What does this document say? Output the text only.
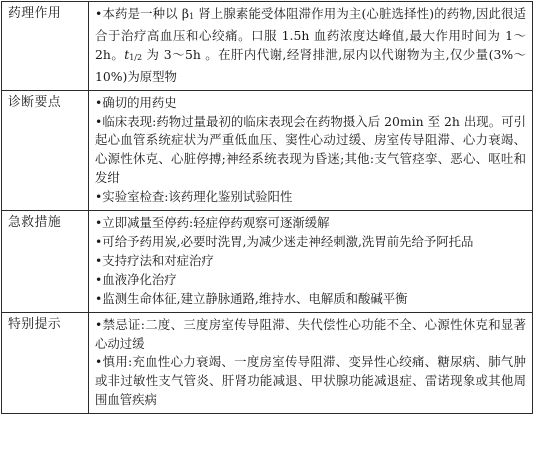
药理作用	•本药是一种以 β1 肾上腺素能受体阻滞作用为主(心脏选择性)的药物,因此很适合于治疗高血压和心绞痛。口服 1.5h 血药浓度达峰值,最大作用时间为 1～2h。t1/2 为 3～5h 。在肝内代谢,经肾排泄,尿内以代谢物为主,仅少量(3%～10%)为原型物

诊断要点	•确切的用药史

•临床表现:药物过量最初的临床表现会在药物摄入后 20min 至 2h 出现。可引起心血管系统症状为严重低血压、窦性心动过缓、房室传导阻滞、心力衰竭、心源性休克、心脏停搏;神经系统表现为昏迷;其他:支气管痉挛、恶心、呕吐和发绀

•实验室检查:该药理化鉴别试验阳性

急救措施	•立即减量至停药:轻症停药观察可逐渐缓解

•可给予药用炭,必要时洗胃,为减少迷走神经刺激,洗胃前先给予阿托品

•支持疗法和对症治疗

•血液净化治疗

•监测生命体征,建立静脉通路,维持水、电解质和酸碱平衡

特别提示	•禁忌证:二度、三度房室传导阻滞、失代偿性心功能不全、心源性休克和显著心动过缓

•慎用:充血性心力衰竭、一度房室传导阻滞、变异性心绞痛、糖尿病、肺气肿或非过敏性支气管炎、肝肾功能减退、甲状腺功能减退症、雷诺现象或其他周围血管疾病
